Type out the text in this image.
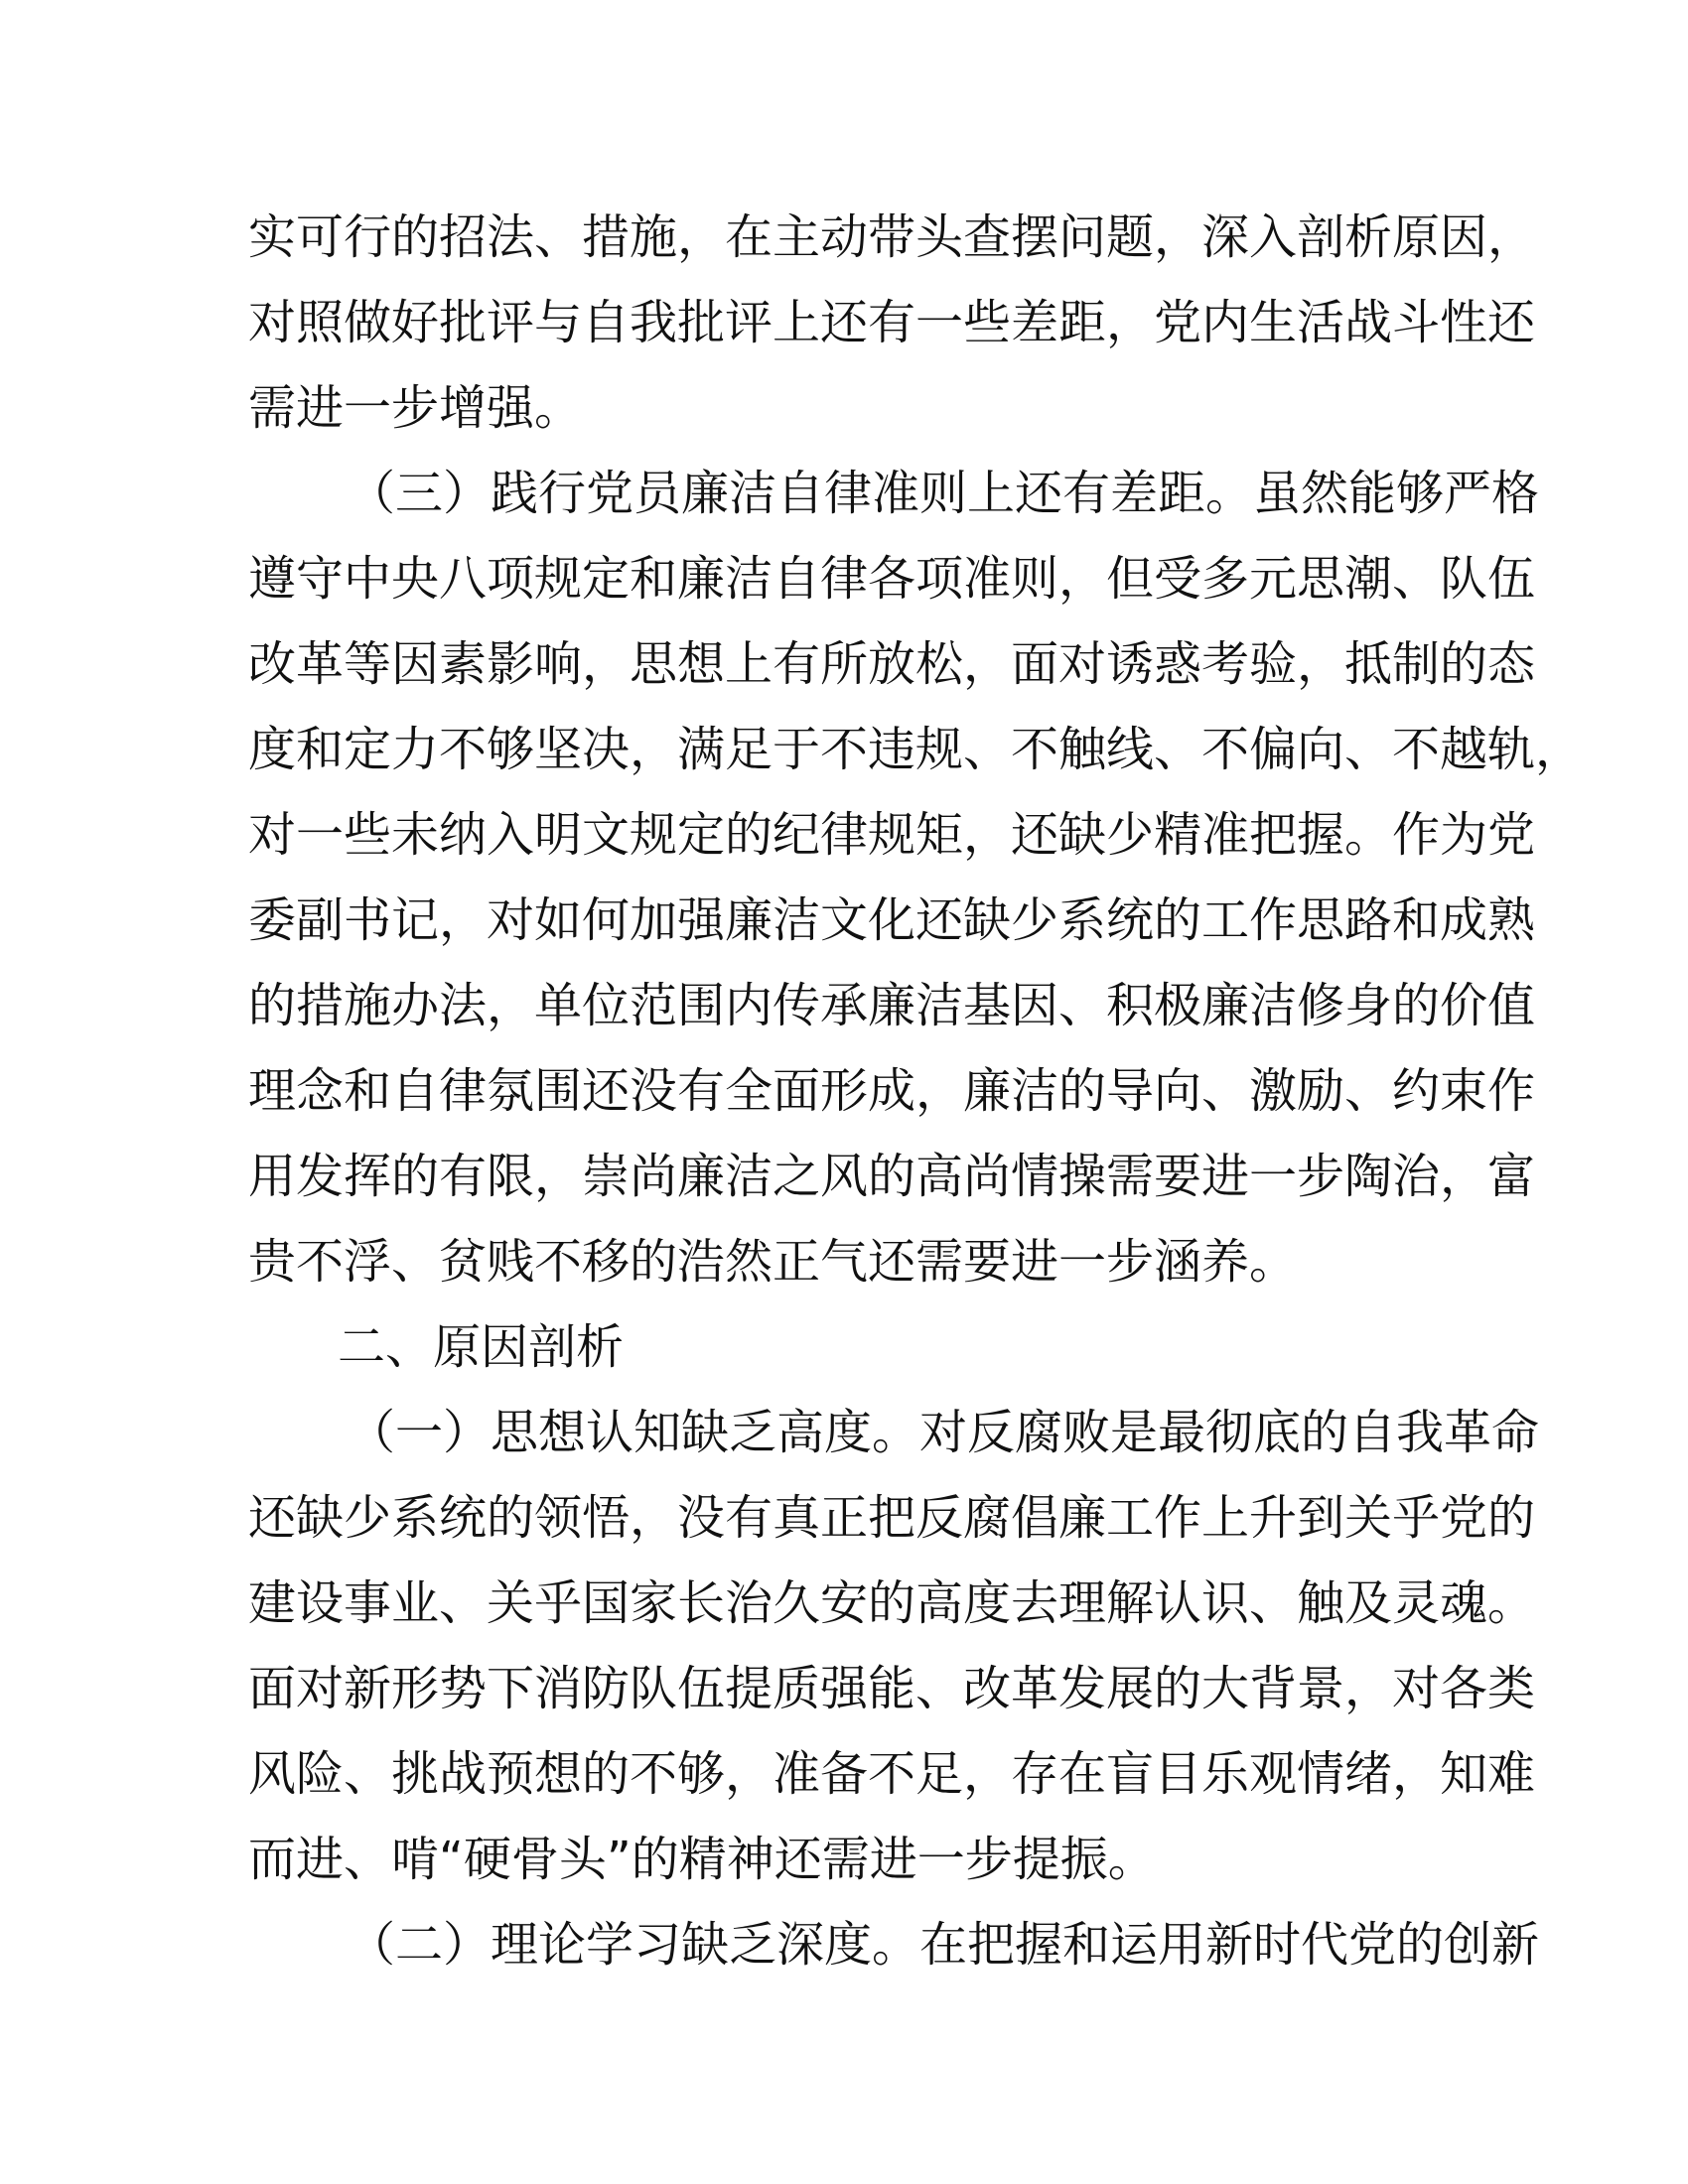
实可行的招法、措施，在主动带头查摆问题，深入剖析原因，

对照做好批评与自我批评上还有一些差距，党内生活战斗性还

需进一步增强。

（三）践行党员廉洁自律准则上还有差距。虽然能够严格

遵守中央八项规定和廉洁自律各项准则，但受多元思潮、队伍

改革等因素影响，思想上有所放松，面对诱惑考验，抵制的态

度和定力不够坚决，满足于不违规、不触线、不偏向、不越轨，

对一些未纳入明文规定的纪律规矩，还缺少精准把握。作为党

委副书记，对如何加强廉洁文化还缺少系统的工作思路和成熟

的措施办法，单位范围内传承廉洁基因、积极廉洁修身的价值

理念和自律氛围还没有全面形成，廉洁的导向、激励、约束作

用发挥的有限，崇尚廉洁之风的高尚情操需要进一步陶治，富

贵不浮、贫贱不移的浩然正气还需要进一步涵养。

二、原因剖析

（一）思想认知缺乏高度。对反腐败是最彻底的自我革命

还缺少系统的领悟，没有真正把反腐倡廉工作上升到关乎党的

建设事业、关乎国家长治久安的高度去理解认识、触及灵魂。

面对新形势下消防队伍提质强能、改革发展的大背景，对各类

风险、挑战预想的不够，准备不足，存在盲目乐观情绪，知难

而进、啃“硬骨头”的精神还需进一步提振。

（二）理论学习缺乏深度。在把握和运用新时代党的创新
